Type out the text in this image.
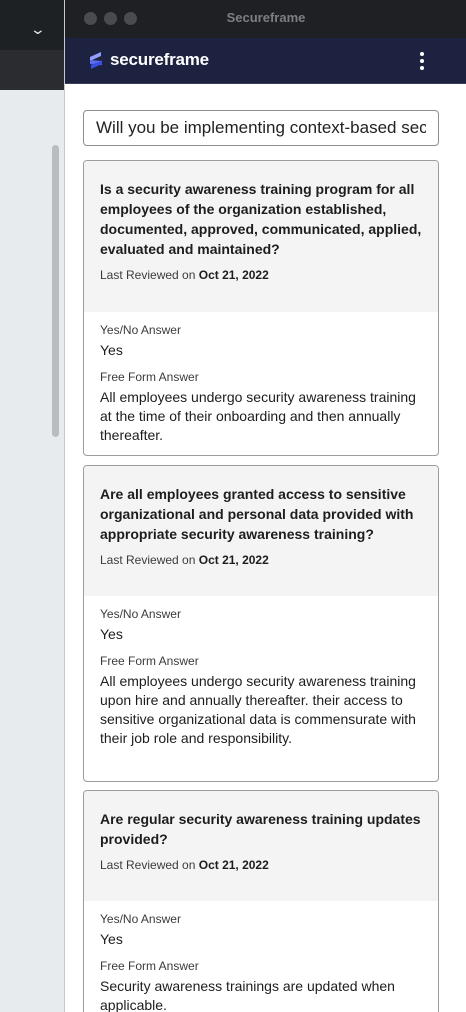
⌄
Secureframe
secureframe
Will you be implementing context-based security
Is a security awareness training program for all employees of the organization established, documented, approved, communicated, applied, evaluated and maintained?
Last Reviewed on Oct 21, 2022
Yes/No Answer
Yes
Free Form Answer
All employees undergo security awareness training at the time of their onboarding and then annually thereafter.
Are all employees granted access to sensitive organizational and personal data provided with appropriate security awareness training?
Last Reviewed on Oct 21, 2022
Yes/No Answer
Yes
Free Form Answer
All employees undergo security awareness training upon hire and annually thereafter. their access to sensitive organizational data is commensurate with their job role and responsibility.
Are regular security awareness training updates provided?
Last Reviewed on Oct 21, 2022
Yes/No Answer
Yes
Free Form Answer
Security awareness trainings are updated when applicable.
